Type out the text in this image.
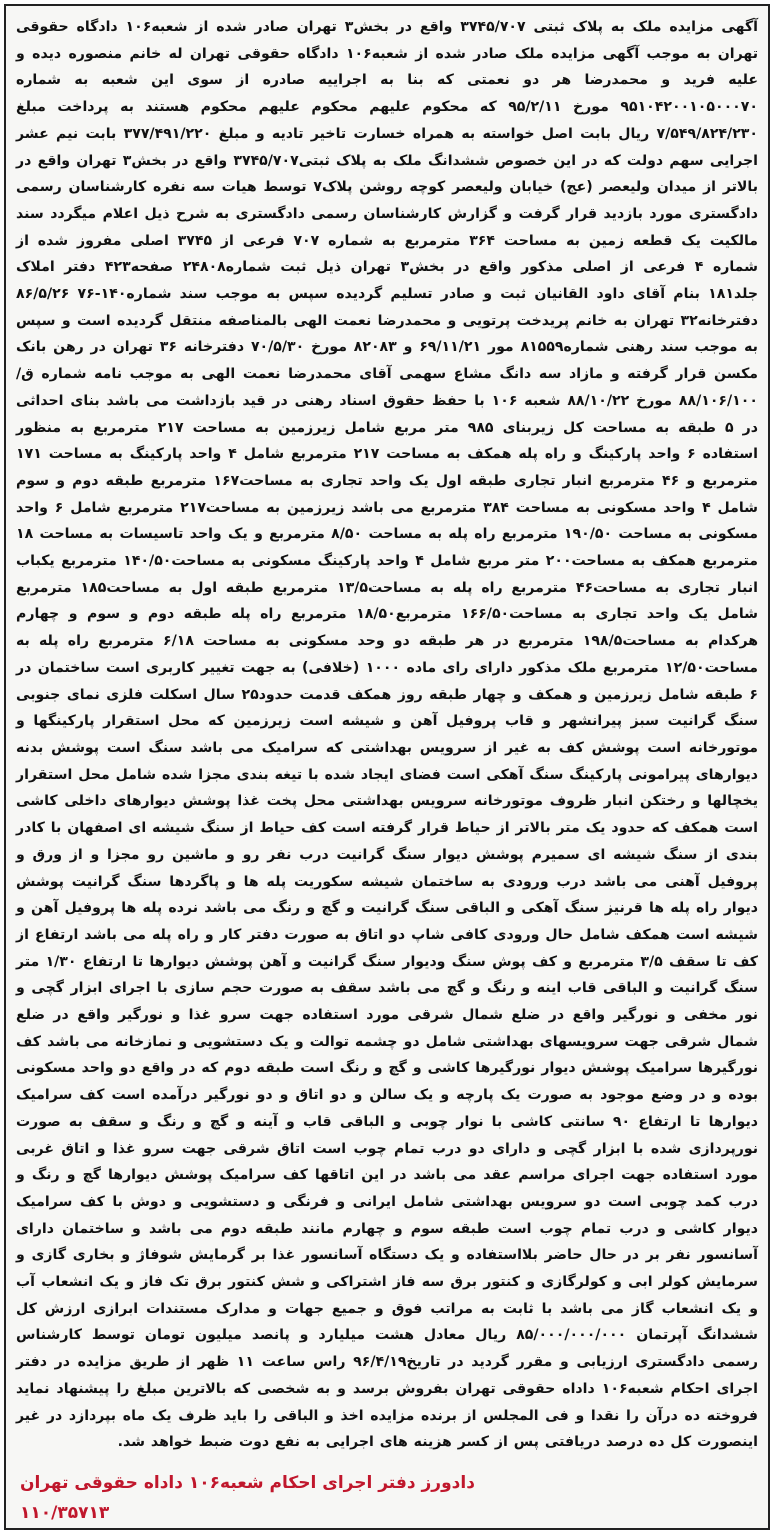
آگهی مزایده ملک به پلاک ثبتی ۳۷۴۵/۷۰۷ واقع در بخش۳ تهران صادر شده از شعبه۱۰۶ دادگاه حقوقی تهران به موجب آگهی مزایده ملک صادر شده از شعبه۱۰۶ دادگاه حقوقی تهران له خانم منصوره دیده و علیه فرید و محمدرضا هر دو نعمتی که بنا به اجراییه صادره از سوی این شعبه به شماره ۹۵۱۰۴۲۰۰۱۰۵۰۰۰۷۰ مورخ ۹۵/۲/۱۱ که محکوم علیهم محکوم علیهم محکوم هستند به پرداخت مبلغ ۷/۵۴۹/۸۲۴/۲۳۰ ریال بابت اصل خواسته به همراه خسارت تاخیر تادیه و مبلغ ۳۷۷/۴۹۱/۲۲۰ بابت نیم عشر اجرایی سهم دولت که در این خصوص ششدانگ ملک به پلاک ثبتی۳۷۴۵/۷۰۷ واقع در بخش۳ تهران واقع در بالاتر از میدان ولیعصر (عج) خیابان ولیعصر کوچه روشن پلاک۷ توسط هیات سه نفره کارشناسان رسمی دادگستری مورد بازدید قرار گرفت و گزارش کارشناسان رسمی دادگستری به شرح ذیل اعلام میگردد سند مالکیت یک قطعه زمین به مساحت ۳۶۴ مترمربع به شماره ۷۰۷ فرعی از ۳۷۴۵ اصلی مفروز شده از شماره ۴ فرعی از اصلی مذکور واقع در بخش۳ تهران ذیل ثبت شماره۲۴۸۰۸ صفحه۴۲۳ دفتر املاک جلد۱۸۱ بنام آقای داود القانیان ثبت و صادر تسلیم گردیده سپس به موجب سند شماره۱۴۰-۷۶ ۸۶/۵/۲۶ دفترخانه۳۲ تهران به خانم پریدخت پرتویی و محمدرضا نعمت الهی بالمناصفه منتقل گردیده است و سپس به موجب سند رهنی شماره۸۱۵۵۹ مور ۶۹/۱۱/۲۱ و ۸۲۰۸۳ مورخ ۷۰/۵/۳۰ دفترخانه ۳۶ تهران در رهن بانک مکسن قرار گرفته و مازاد سه دانگ مشاع سهمی آقای محمدرضا نعمت الهی به موجب نامه شماره ق/۸۸/۱۰۶/۱۰۰ مورخ ۸۸/۱۰/۲۲ شعبه ۱۰۶ با حفظ حقوق اسناد رهنی در قید بازداشت می باشد بنای احداثی در ۵ طبقه به مساحت کل زیربنای ۹۸۵ متر مربع شامل زیرزمین به مساحت ۲۱۷ مترمربع به منظور استفاده ۶ واحد پارکینگ و راه پله همکف به مساحت ۲۱۷ مترمربع شامل ۴ واحد پارکینگ به مساحت ۱۷۱ مترمربع و ۴۶ مترمربع انبار تجاری طبقه اول یک واحد تجاری به مساحت۱۶۷ مترمربع طبقه دوم و سوم شامل ۴ واحد مسکونی به مساحت ۳۸۴ مترمربع می باشد زیرزمین به مساحت۲۱۷ مترمربع شامل ۶ واحد مسکونی به مساحت ۱۹۰/۵۰ مترمربع راه پله به مساحت ۸/۵۰ مترمربع و یک واحد تاسیسات به مساحت ۱۸ مترمربع همکف به مساحت۲۰۰ متر مربع شامل ۴ واحد پارکینگ مسکونی به مساحت۱۴۰/۵۰ مترمربع یکباب انبار تجاری به مساحت۴۶ مترمربع راه پله به مساحت۱۳/۵ مترمربع طبقه اول به مساحت۱۸۵ مترمربع شامل یک واحد تجاری به مساحت۱۶۶/۵۰ مترمربع۱۸/۵۰ مترمربع راه پله طبقه دوم و سوم و چهارم هرکدام به مساحت۱۹۸/۵ مترمربع در هر طبقه دو وحد مسکونی به مساحت ۶/۱۸ مترمربع راه پله به مساحت۱۲/۵۰ مترمربع ملک مذکور دارای رای ماده ۱۰۰۰ (خلافی) به جهت تغییر کاربری است ساختمان در ۶ طبقه شامل زیرزمین و همکف و چهار طبقه روز همکف قدمت حدود۲۵ سال اسکلت فلزی نمای جنوبی سنگ گرانیت سبز پیرانشهر و قاب پروفیل آهن و شیشه است زیرزمین که محل استقرار پارکینگها و موتورخانه است پوشش کف به غیر از سرویس بهداشتی که سرامیک می باشد سنگ است پوشش بدنه دیوارهای پیرامونی پارکینگ سنگ آهکی است فضای ایجاد شده با تیغه بندی مجزا شده شامل محل استقرار یخچالها و رختکن انبار ظروف موتورخانه سرویس بهداشتی محل پخت غذا پوشش دیوارهای داخلی کاشی است همکف که حدود یک متر بالاتر از حیاط قرار گرفته است کف حیاط از سنگ شیشه ای اصفهان با کادر بندی از سنگ شیشه ای سمیرم پوشش دیوار سنگ گرانیت درب نفر رو و ماشین رو مجزا و از ورق و پروفیل آهنی می باشد درب ورودی به ساختمان شیشه سکوریت پله ها و پاگردها سنگ گرانیت پوشش دیوار راه پله ها قرنیز سنگ آهکی و الباقی سنگ گرانیت و گچ و رنگ می باشد نرده پله ها پروفیل آهن و شیشه است همکف شامل حال ورودی کافی شاپ دو اتاق به صورت دفتر کار و راه پله می باشد ارتفاع از کف تا سقف ۳/۵ مترمربع و کف پوش سنگ ودیوار سنگ گرانیت و آهن پوشش دیوارها تا ارتفاع ۱/۳۰ متر سنگ گرانیت و الباقی قاب اینه و رنگ و گچ می باشد سقف به صورت حجم سازی با اجرای ابزار گچی و نور مخفی و نورگیر واقع در ضلع شمال شرقی مورد استفاده جهت سرو غذا و نورگیر واقع در ضلع شمال شرقی جهت سرویسهای بهداشتی شامل دو چشمه توالت و یک دستشویی و نمازخانه می باشد کف نورگیرها سرامیک پوشش دیوار نورگیرها کاشی و گچ و رنگ است طبقه دوم که در واقع دو واحد مسکونی بوده و در وضع موجود به صورت یک پارچه و یک سالن و دو اتاق و دو نورگیر درآمده است کف سرامیک دیوارها تا ارتفاع ۹۰ سانتی کاشی با نوار چوبی و الباقی قاب و آینه و گچ و رنگ و سقف به صورت نورپردازی شده با ابزار گچی و دارای دو درب تمام چوب است اتاق شرقی جهت سرو غذا و اتاق غربی مورد استفاده جهت اجرای مراسم عقد می باشد در این اتاقها کف سرامیک پوشش دیوارها گچ و رنگ و درب کمد چوبی است دو سرویس بهداشتی شامل ایرانی و فرنگی و دستشویی و دوش با کف سرامیک دیوار کاشی و درب تمام چوب است طبقه سوم و چهارم مانند طبقه دوم می باشد و ساختمان دارای آسانسور نفر بر در حال حاضر بلااستفاده و یک دستگاه آسانسور غذا بر گرمایش شوفاژ و بخاری گازی و سرمایش کولر ابی و کولرگازی و کنتور برق سه فاز اشتراکی و شش کنتور برق تک فاز و یک انشعاب آب و یک انشعاب گاز می باشد با ثابت به مراتب فوق و جمیع جهات و مدارک مستندات ابرازی ارزش کل ششدانگ آپرتمان ۸۵/۰۰۰/۰۰۰/۰۰۰ ریال معادل هشت میلیارد و پانصد میلیون تومان توسط کارشناس رسمی دادگستری ارزیابی و مقرر گردید در تاریخ۹۶/۴/۱۹ راس ساعت ۱۱ ظهر از طریق مزایده در دفتر اجرای احکام شعبه۱۰۶ داداه حقوقی تهران بفروش برسد و به شخصی که بالاترین مبلغ را پیشنهاد نماید فروخته ده درآن را نقدا و فی المجلس از برنده مزایده اخذ و الباقی را باید ظرف یک ماه بپردازد در غیر اینصورت کل ده درصد دریافتی پس از کسر هزینه های اجرایی به نفع دوت ضبط خواهد شد.

دادورز دفتر اجرای احکام شعبه۱۰۶ داداه حقوقی تهران
۱۱۰/۳۵۷۱۳
